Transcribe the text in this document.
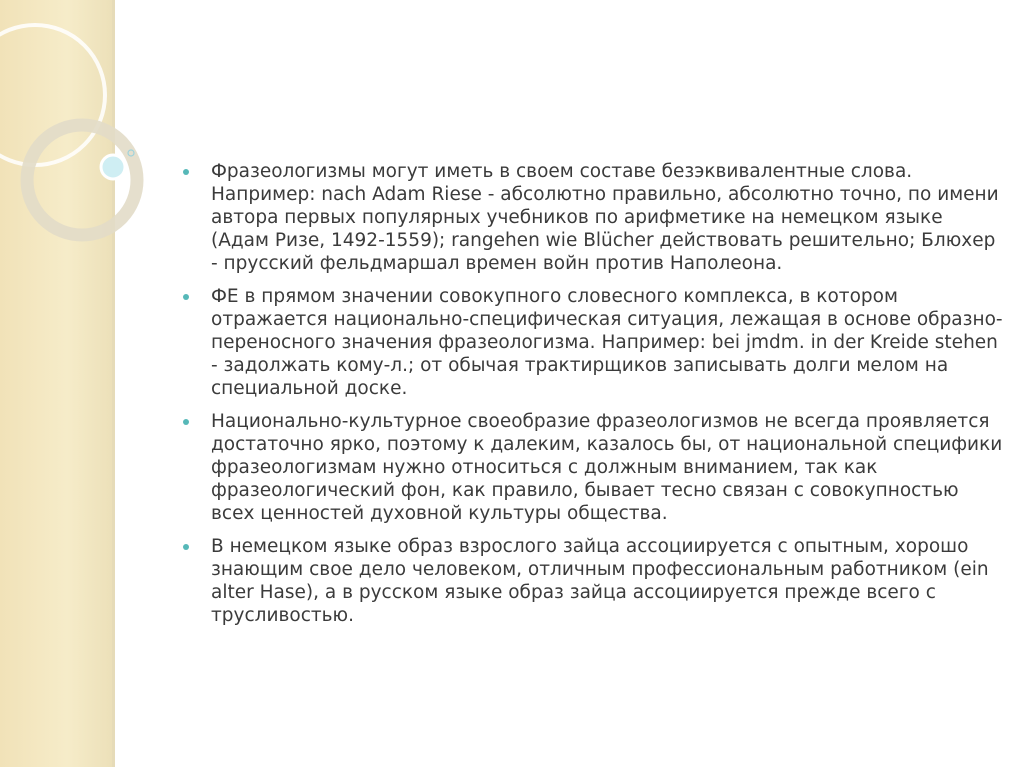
Фразеологизмы могут иметь в своем составе безэквивалентные слова. Например: nach Adam Riese - абсолютно правильно, абсолютно точно, по имени автора первых популярных учебников по арифметике на немецком языке (Адам Ризе, 1492-1559); rangehen wie Blücher действовать решительно; Блюхер - прусский фельдмаршал времен войн против Наполеона.
ФЕ в прямом значении совокупного словесного комплекса, в котором отражается национально-специфическая ситуация, лежащая в основе образно-переносного значения фразеологизма. Например: bei jmdm. in der Kreide stehen - задолжать кому-л.; от обычая трактирщиков записывать долги мелом на специальной доске.
Национально-культурное своеобразие фразеологизмов не всегда проявляется достаточно ярко, поэтому к далеким, казалось бы, от национальной специфики фразеологизмам нужно относиться с должным вниманием, так как фразеологический фон, как правило, бывает тесно связан с совокупностью всех ценностей духовной культуры общества.
В немецком языке образ взрослого зайца ассоциируется с опытным, хорошо знающим свое дело человеком, отличным профессиональным работником (ein alter Hase), а в русском языке образ зайца ассоциируется прежде всего с трусливостью.
